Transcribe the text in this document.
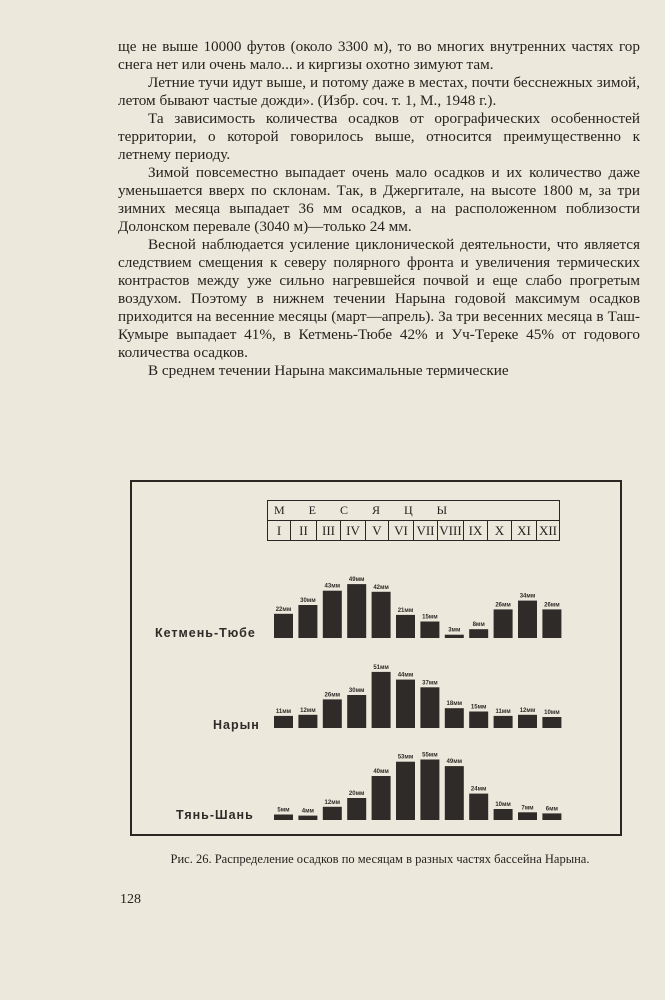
ще не выше 10000 футов (около 3300 м), то во многих внутренних частях гор снега нет или очень мало... и киргизы охотно зимуют там.

Летние тучи идут выше, и потому даже в местах, почти бесснежных зимой, летом бывают частые дожди». (Избр. соч. т. 1, М., 1948 г.).

Та зависимость количества осадков от орографических особенностей территории, о которой говорилось выше, относится преимущественно к летнему периоду.

Зимой повсеместно выпадает очень мало осадков и их количество даже уменьшается вверх по склонам. Так, в Джергитале, на высоте 1800 м, за три зимних месяца выпадает 36 мм осадков, а на расположенном поблизости Долонском перевале (3040 м)—только 24 мм.

Весной наблюдается усиление циклонической деятельности, что является следствием смещения к северу полярного фронта и увеличения термических контрастов между уже сильно нагревшейся почвой и еще слабо прогретым воздухом. Поэтому в нижнем течении Нарына годовой максимум осадков приходится на весенние месяцы (март—апрель). За три весенних месяца в Таш-Кумыре выпадает 41%, в Кетмень-Тюбе 42% и Уч-Тереке 45% от годового количества осадков.

В среднем течении Нарына максимальные термические

МЕСЯЦЫ
I	II	III	IV	V	VI	VII	VIII	IX	X	XI	XII
22мм
30мм
43мм
49мм
42мм
21мм
15мм
3мм
8мм
26мм
34мм
26мм
Кетмень-Тюбе
11мм 12мм
26мм
30мм
51мм
44мм
37мм
18мм
15мм
11мм 12мм 10мм
Нарын
5мм 4мм
12мм
20мм
40мм
53мм 55мм
49мм
24мм
10мм
7мм 6мм
Тянь-Шань
Рис. 26. Распределение осадков по месяцам в разных частях бассейна Нарына.
128
